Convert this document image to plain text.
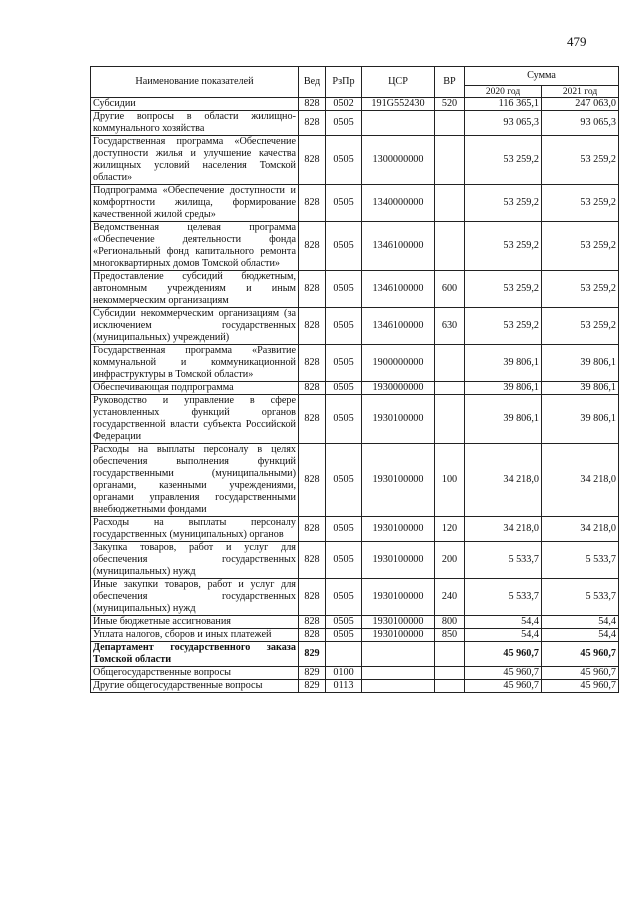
479
Наименование показателей	Вед	РзПр	ЦСР	ВР	Сумма	
					2020 год	2021 год
Субсидии	828	0502	191G552430	520	116 365,1	247 063,0
Другие вопросы в области жилищно-коммунального хозяйства	828	0505			93 065,3	93 065,3
Государственная программа «Обеспечение доступности жилья и улучшение качества жилищных условий населения Томской области»	828	0505	1300000000		53 259,2	53 259,2
Подпрограмма «Обеспечение доступности и комфортности жилища, формирование качественной жилой среды»	828	0505	1340000000		53 259,2	53 259,2
Ведомственная целевая программа «Обеспечение деятельности фонда «Региональный фонд капитального ремонта многоквартирных домов Томской области»	828	0505	1346100000		53 259,2	53 259,2
Предоставление субсидий бюджетным, автономным учреждениям и иным некоммерческим организациям	828	0505	1346100000	600	53 259,2	53 259,2
Субсидии некоммерческим организациям (за исключением государственных (муниципальных) учреждений)	828	0505	1346100000	630	53 259,2	53 259,2
Государственная программа «Развитие коммунальной и коммуникационной инфраструктуры в Томской области»	828	0505	1900000000		39 806,1	39 806,1
Обеспечивающая подпрограмма	828	0505	1930000000		39 806,1	39 806,1
Руководство и управление в сфере установленных функций органов государственной власти субъекта Российской Федерации	828	0505	1930100000		39 806,1	39 806,1
Расходы на выплаты персоналу в целях обеспечения выполнения функций государственными (муниципальными) органами, казенными учреждениями, органами управления государственными внебюджетными фондами	828	0505	1930100000	100	34 218,0	34 218,0
Расходы на выплаты персоналу государственных (муниципальных) органов	828	0505	1930100000	120	34 218,0	34 218,0
Закупка товаров, работ и услуг для обеспечения государственных (муниципальных) нужд	828	0505	1930100000	200	5 533,7	5 533,7
Иные закупки товаров, работ и услуг для обеспечения государственных (муниципальных) нужд	828	0505	1930100000	240	5 533,7	5 533,7
Иные бюджетные ассигнования	828	0505	1930100000	800	54,4	54,4
Уплата налогов, сборов и иных платежей	828	0505	1930100000	850	54,4	54,4
Департамент государственного заказа Томской области	829				45 960,7	45 960,7
Общегосударственные вопросы	829	0100			45 960,7	45 960,7
Другие общегосударственные вопросы	829	0113			45 960,7	45 960,7
